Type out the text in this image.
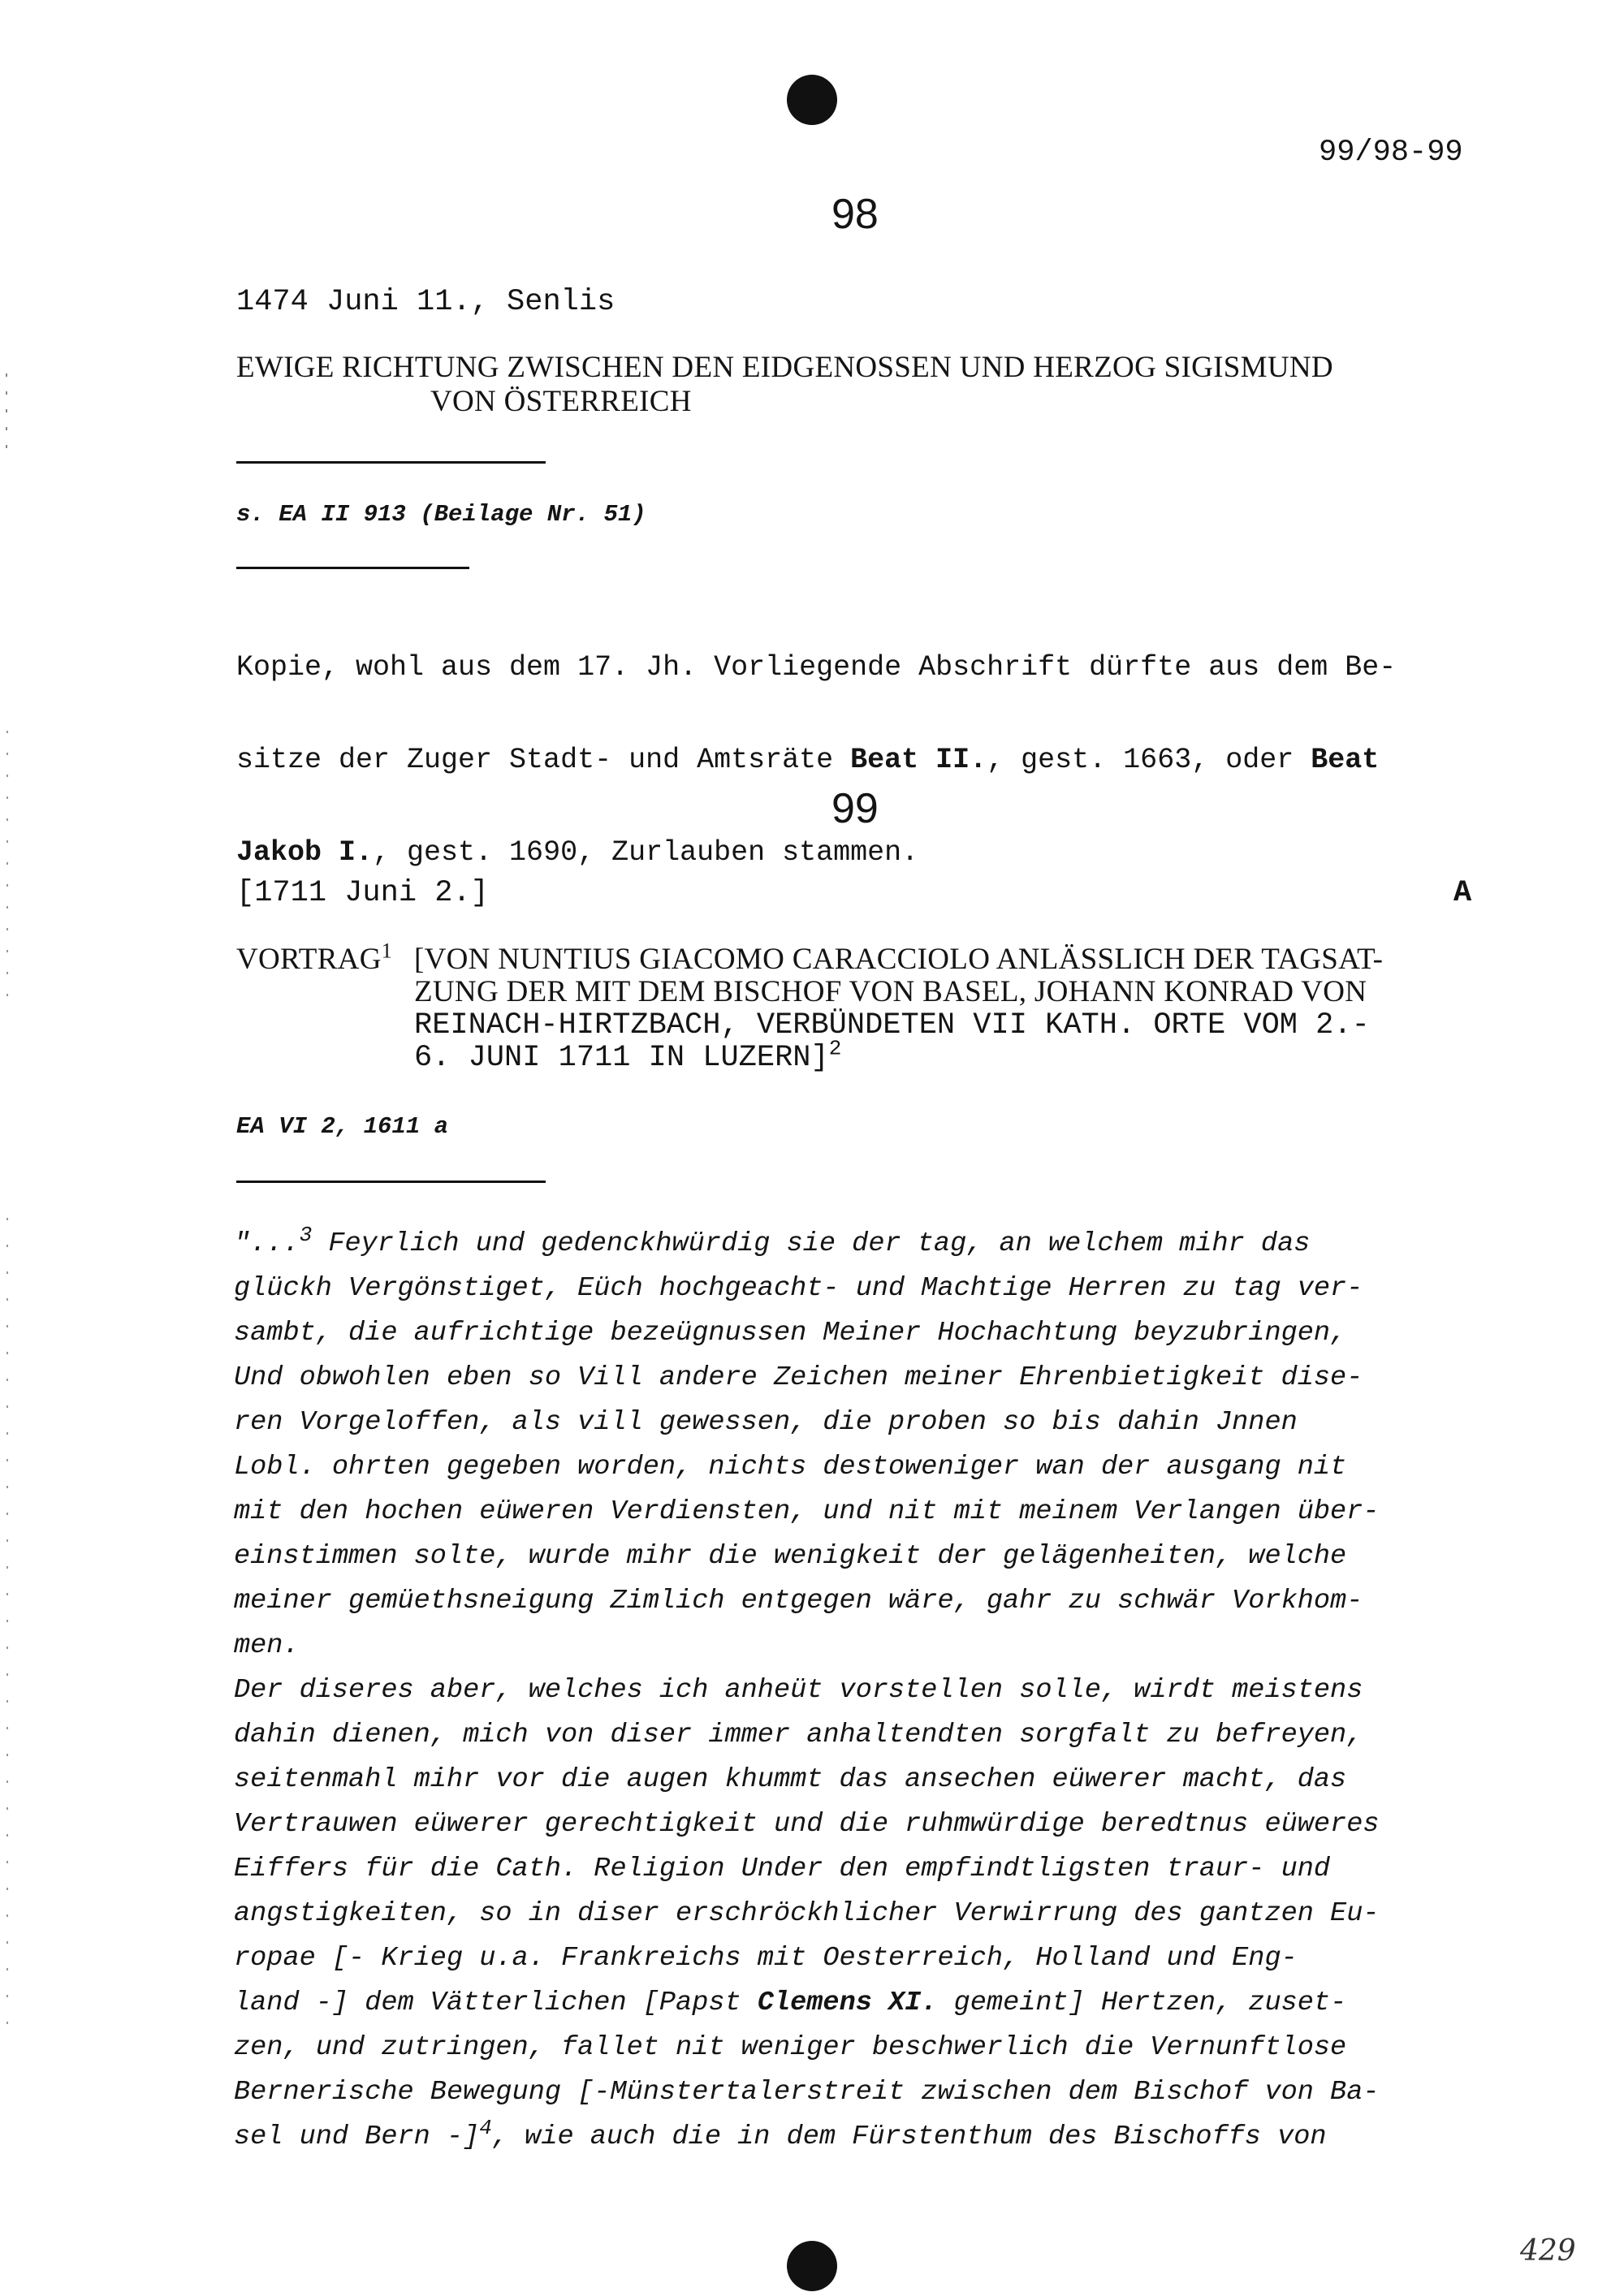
99/98-99
98
1474 Juni 11., Senlis
EWIGE RICHTUNG ZWISCHEN DEN EIDGENOSSEN UND HERZOG SIGISMUND
VON ÖSTERREICH
s. EA II 913 (Beilage Nr. 51)

Kopie, wohl aus dem 17. Jh. Vorliegende Abschrift dürfte aus dem Be-

sitze der Zuger Stadt- und Amtsräte Beat II., gest. 1663, oder Beat

Jakob I., gest. 1690, Zurlauben stammen.

99
[1711 Juni 2.]	A
VORTRAG$^1$ [VON NUNTIUS GIACOMO CARACCIOLO ANLÄSSLICH DER TAGSAT-
ZUNG DER MIT DEM BISCHOF VON BASEL, JOHANN KONRAD VON
REINACH-HIRTZBACH, VERBÜNDETEN VII KATH. ORTE VOM 2.-
6. JUNI 1711 IN LUZERN]$^2$
EA VI 2, 1611 a
"...$^3$ Feyrlich und gedenckhwürdig sie der tag, an welchem mihr das
glückh Vergönstiget, Eüch hochgeacht- und Machtige Herren zu tag ver-
sambt, die aufrichtige bezeügnussen Meiner Hochachtung beyzubringen,
Und obwohlen eben so Vill andere Zeichen meiner Ehrenbietigkeit dise-
ren Vorgeloffen, als vill gewessen, die proben so bis dahin Jnnen
Lobl. ohrten gegeben worden, nichts destoweniger wan der ausgang nit
mit den hochen eüweren Verdiensten, und nit mit meinem Verlangen über-
einstimmen solte, wurde mihr die wenigkeit der gelägenheiten, welche
meiner gemüethsneigung Zimlich entgegen wäre, gahr zu schwär Vorkhom-
men.
Der diseres aber, welches ich anheüt vorstellen solle, wirdt meistens
dahin dienen, mich von diser immer anhaltendten sorgfalt zu befreyen,
seitenmahl mihr vor die augen khummt das ansechen eüwerer macht, das
Vertrauwen eüwerer gerechtigkeit und die ruhmwürdige beredtnus eüweres
Eiffers für die Cath. Religion Under den empfindtligsten traur- und
angstigkeiten, so in diser erschröckhlicher Verwirrung des gantzen Eu-
ropae [- Krieg u.a. Frankreichs mit Oesterreich, Holland und Eng-
land -] dem Vätterlichen [Papst Clemens XI. gemeint] Hertzen, zuset-
zen, und zutringen, fallet nit weniger beschwerlich die Vernunftlose
Bernerische Bewegung [-Münstertalerstreit zwischen dem Bischof von Ba-
sel und Bern -]$^4$, wie auch die in dem Fürstenthum des Bischoffs von
429
